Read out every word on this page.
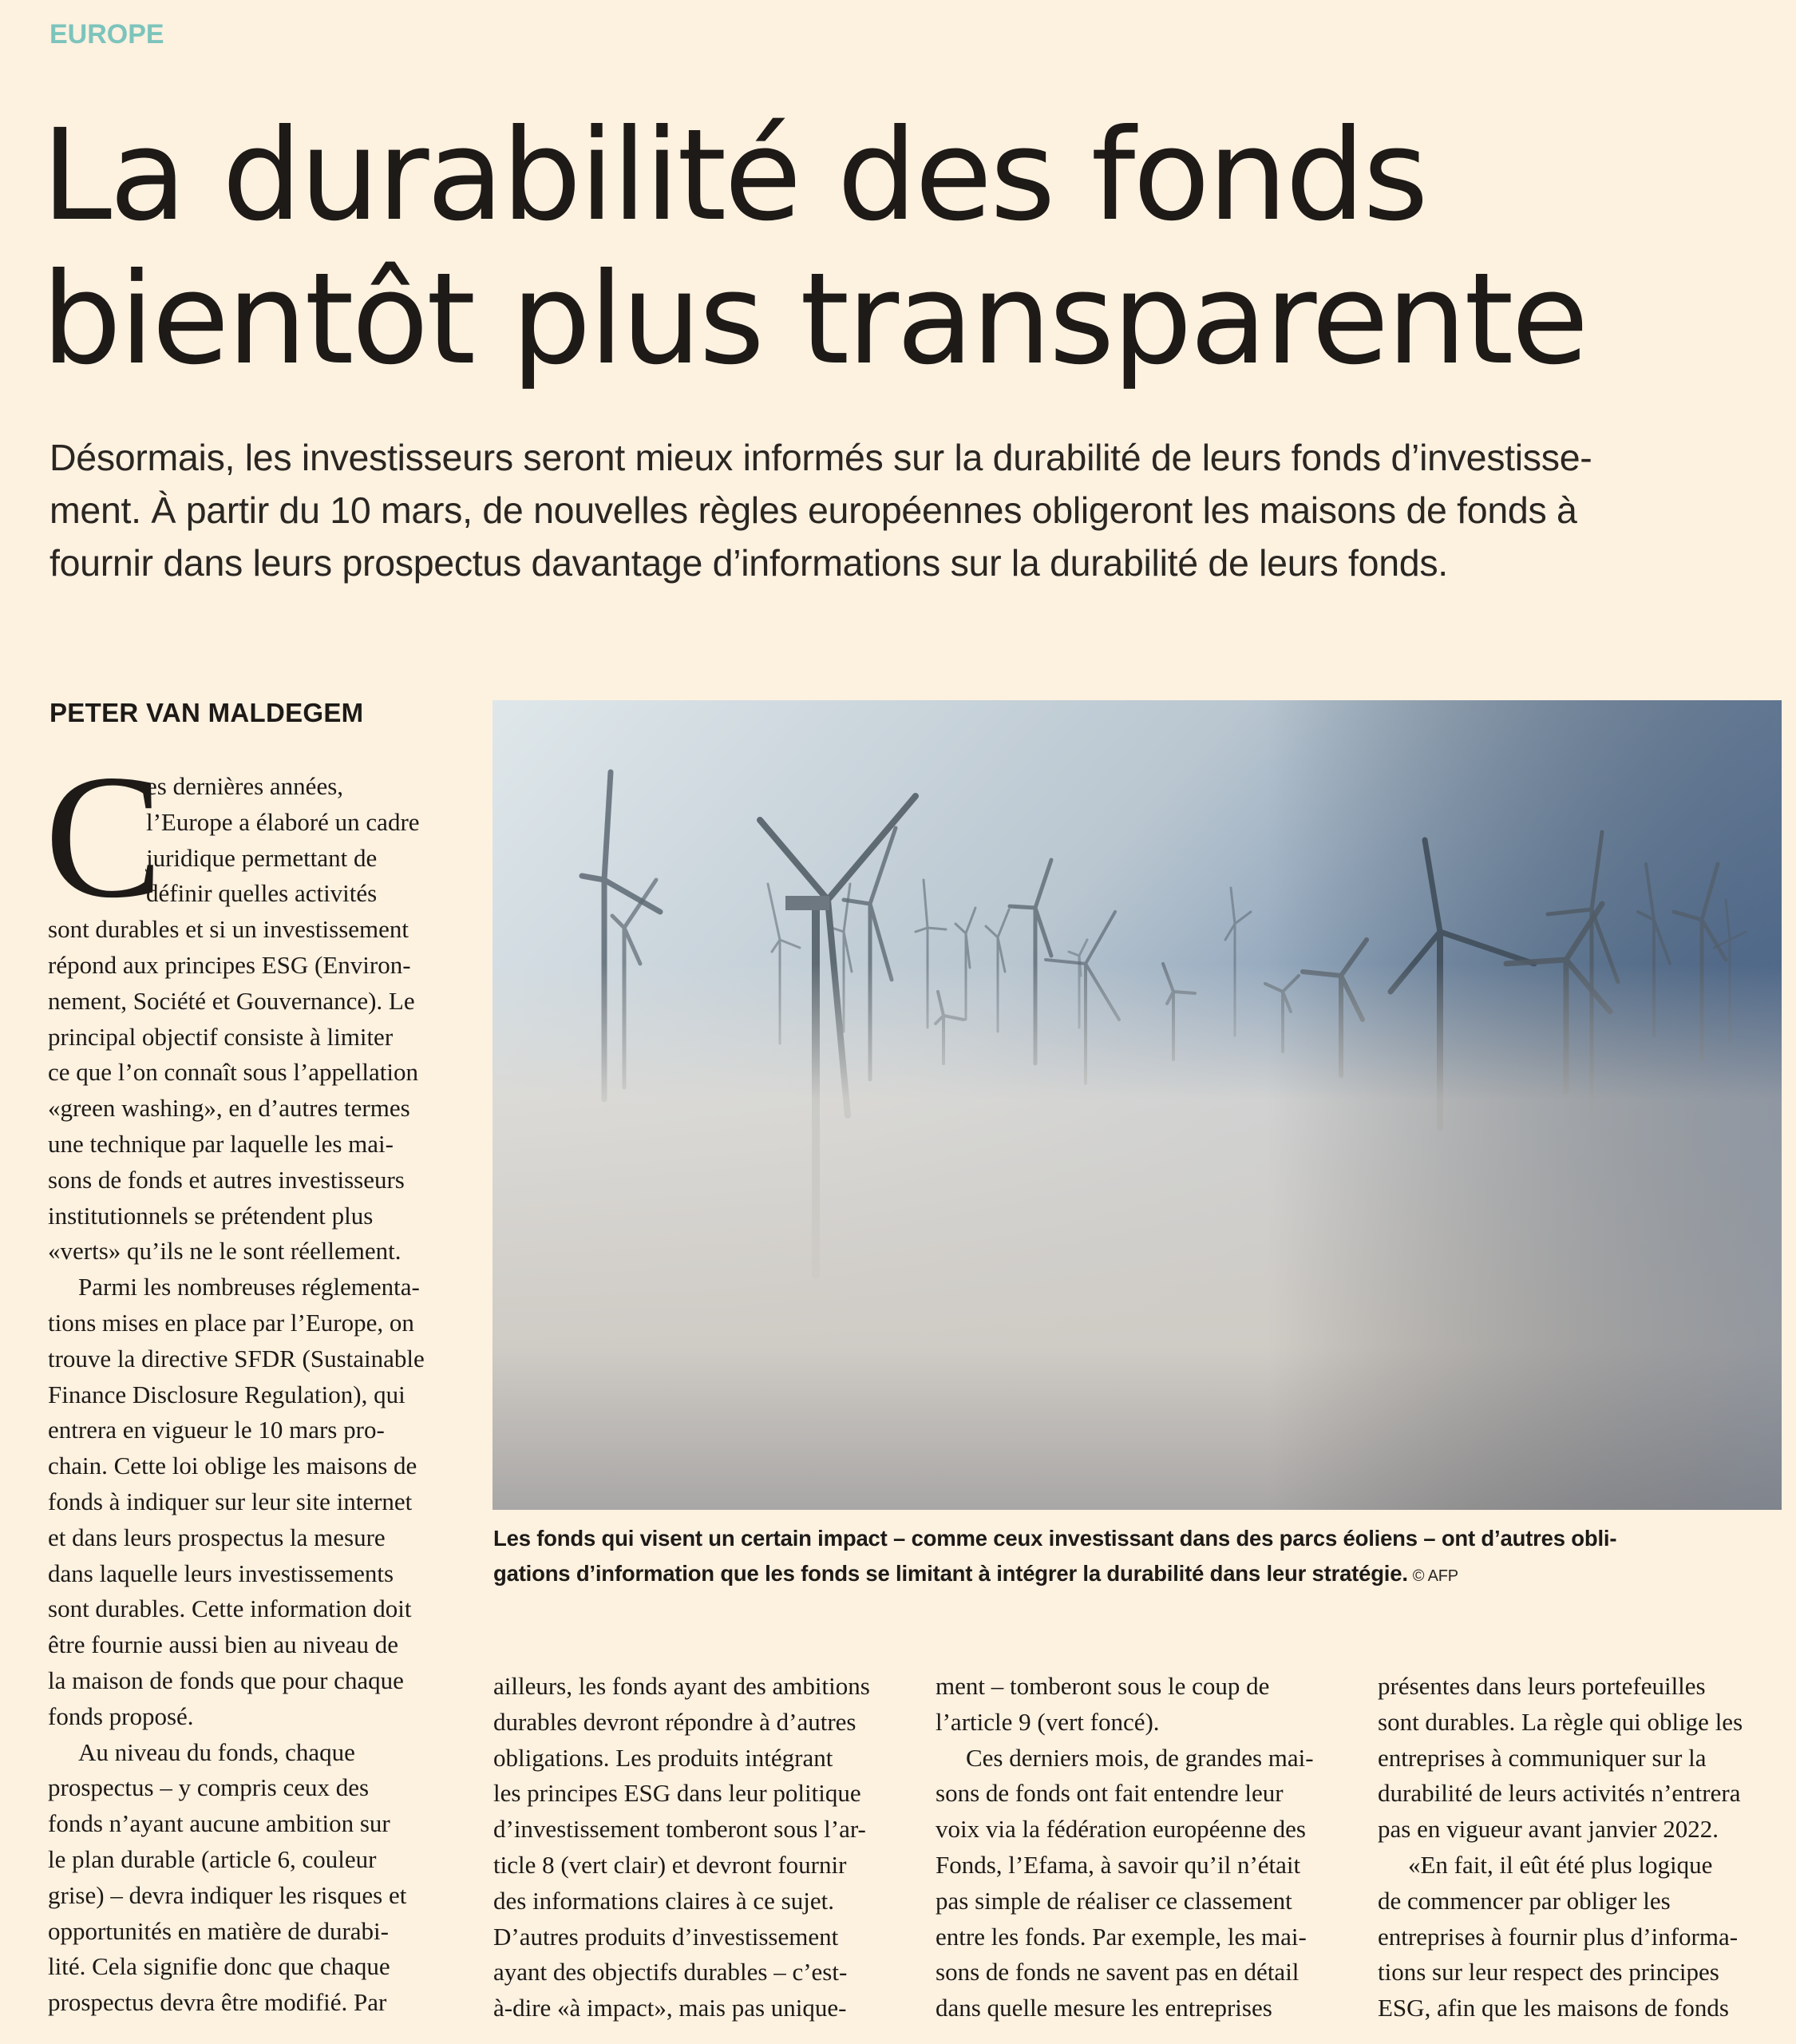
EUROPE
La durabilité des fonds
bientôt plus transparente

Désormais, les investisseurs seront mieux informés sur la durabilité de leurs fonds d’investisse-
ment. À partir du 10 mars, de nouvelles règles européennes obligeront les maisons de fonds à
fournir dans leurs prospectus davantage d’informations sur la durabilité de leurs fonds.

PETER VAN MALDEGEM
C
es dernières années,
l’Europe a élaboré un cadre
juridique permettant de
définir quelles activités
sont durables et si un investissement
répond aux principes ESG (Environ-
nement, Société et Gouvernance). Le
principal objectif consiste à limiter
ce que l’on connaît sous l’appellation
«green washing», en d’autres termes
une technique par laquelle les mai-
sons de fonds et autres investisseurs
institutionnels se prétendent plus
«verts» qu’ils ne le sont réellement.
Parmi les nombreuses réglementa-
tions mises en place par l’Europe, on
trouve la directive SFDR (Sustainable
Finance Disclosure Regulation), qui
entrera en vigueur le 10 mars pro-
chain. Cette loi oblige les maisons de
fonds à indiquer sur leur site internet
et dans leurs prospectus la mesure
dans laquelle leurs investissements
sont durables. Cette information doit
être fournie aussi bien au niveau de
la maison de fonds que pour chaque
fonds proposé.
Au niveau du fonds, chaque
prospectus – y compris ceux des
fonds n’ayant aucune ambition sur
le plan durable (article 6, couleur
grise) – devra indiquer les risques et
opportunités en matière de durabi-
lité. Cela signifie donc que chaque
prospectus devra être modifié. Par
Les fonds qui visent un certain impact – comme ceux investissant dans des parcs éoliens – ont d’autres obli-
gations d’information que les fonds se limitant à intégrer la durabilité dans leur stratégie. © AFP
ailleurs, les fonds ayant des ambitions
durables devront répondre à d’autres
obligations. Les produits intégrant
les principes ESG dans leur politique
d’investissement tomberont sous l’ar-
ticle 8 (vert clair) et devront fournir
des informations claires à ce sujet.
D’autres produits d’investissement
ayant des objectifs durables – c’est-
à-dire «à impact», mais pas unique-
ment – tomberont sous le coup de
l’article 9 (vert foncé).
Ces derniers mois, de grandes mai-
sons de fonds ont fait entendre leur
voix via la fédération européenne des
Fonds, l’Efama, à savoir qu’il n’était
pas simple de réaliser ce classement
entre les fonds. Par exemple, les mai-
sons de fonds ne savent pas en détail
dans quelle mesure les entreprises
présentes dans leurs portefeuilles
sont durables. La règle qui oblige les
entreprises à communiquer sur la
durabilité de leurs activités n’entrera
pas en vigueur avant janvier 2022.
«En fait, il eût été plus logique
de commencer par obliger les
entreprises à fournir plus d’informa-
tions sur leur respect des principes
ESG, afin que les maisons de fonds
